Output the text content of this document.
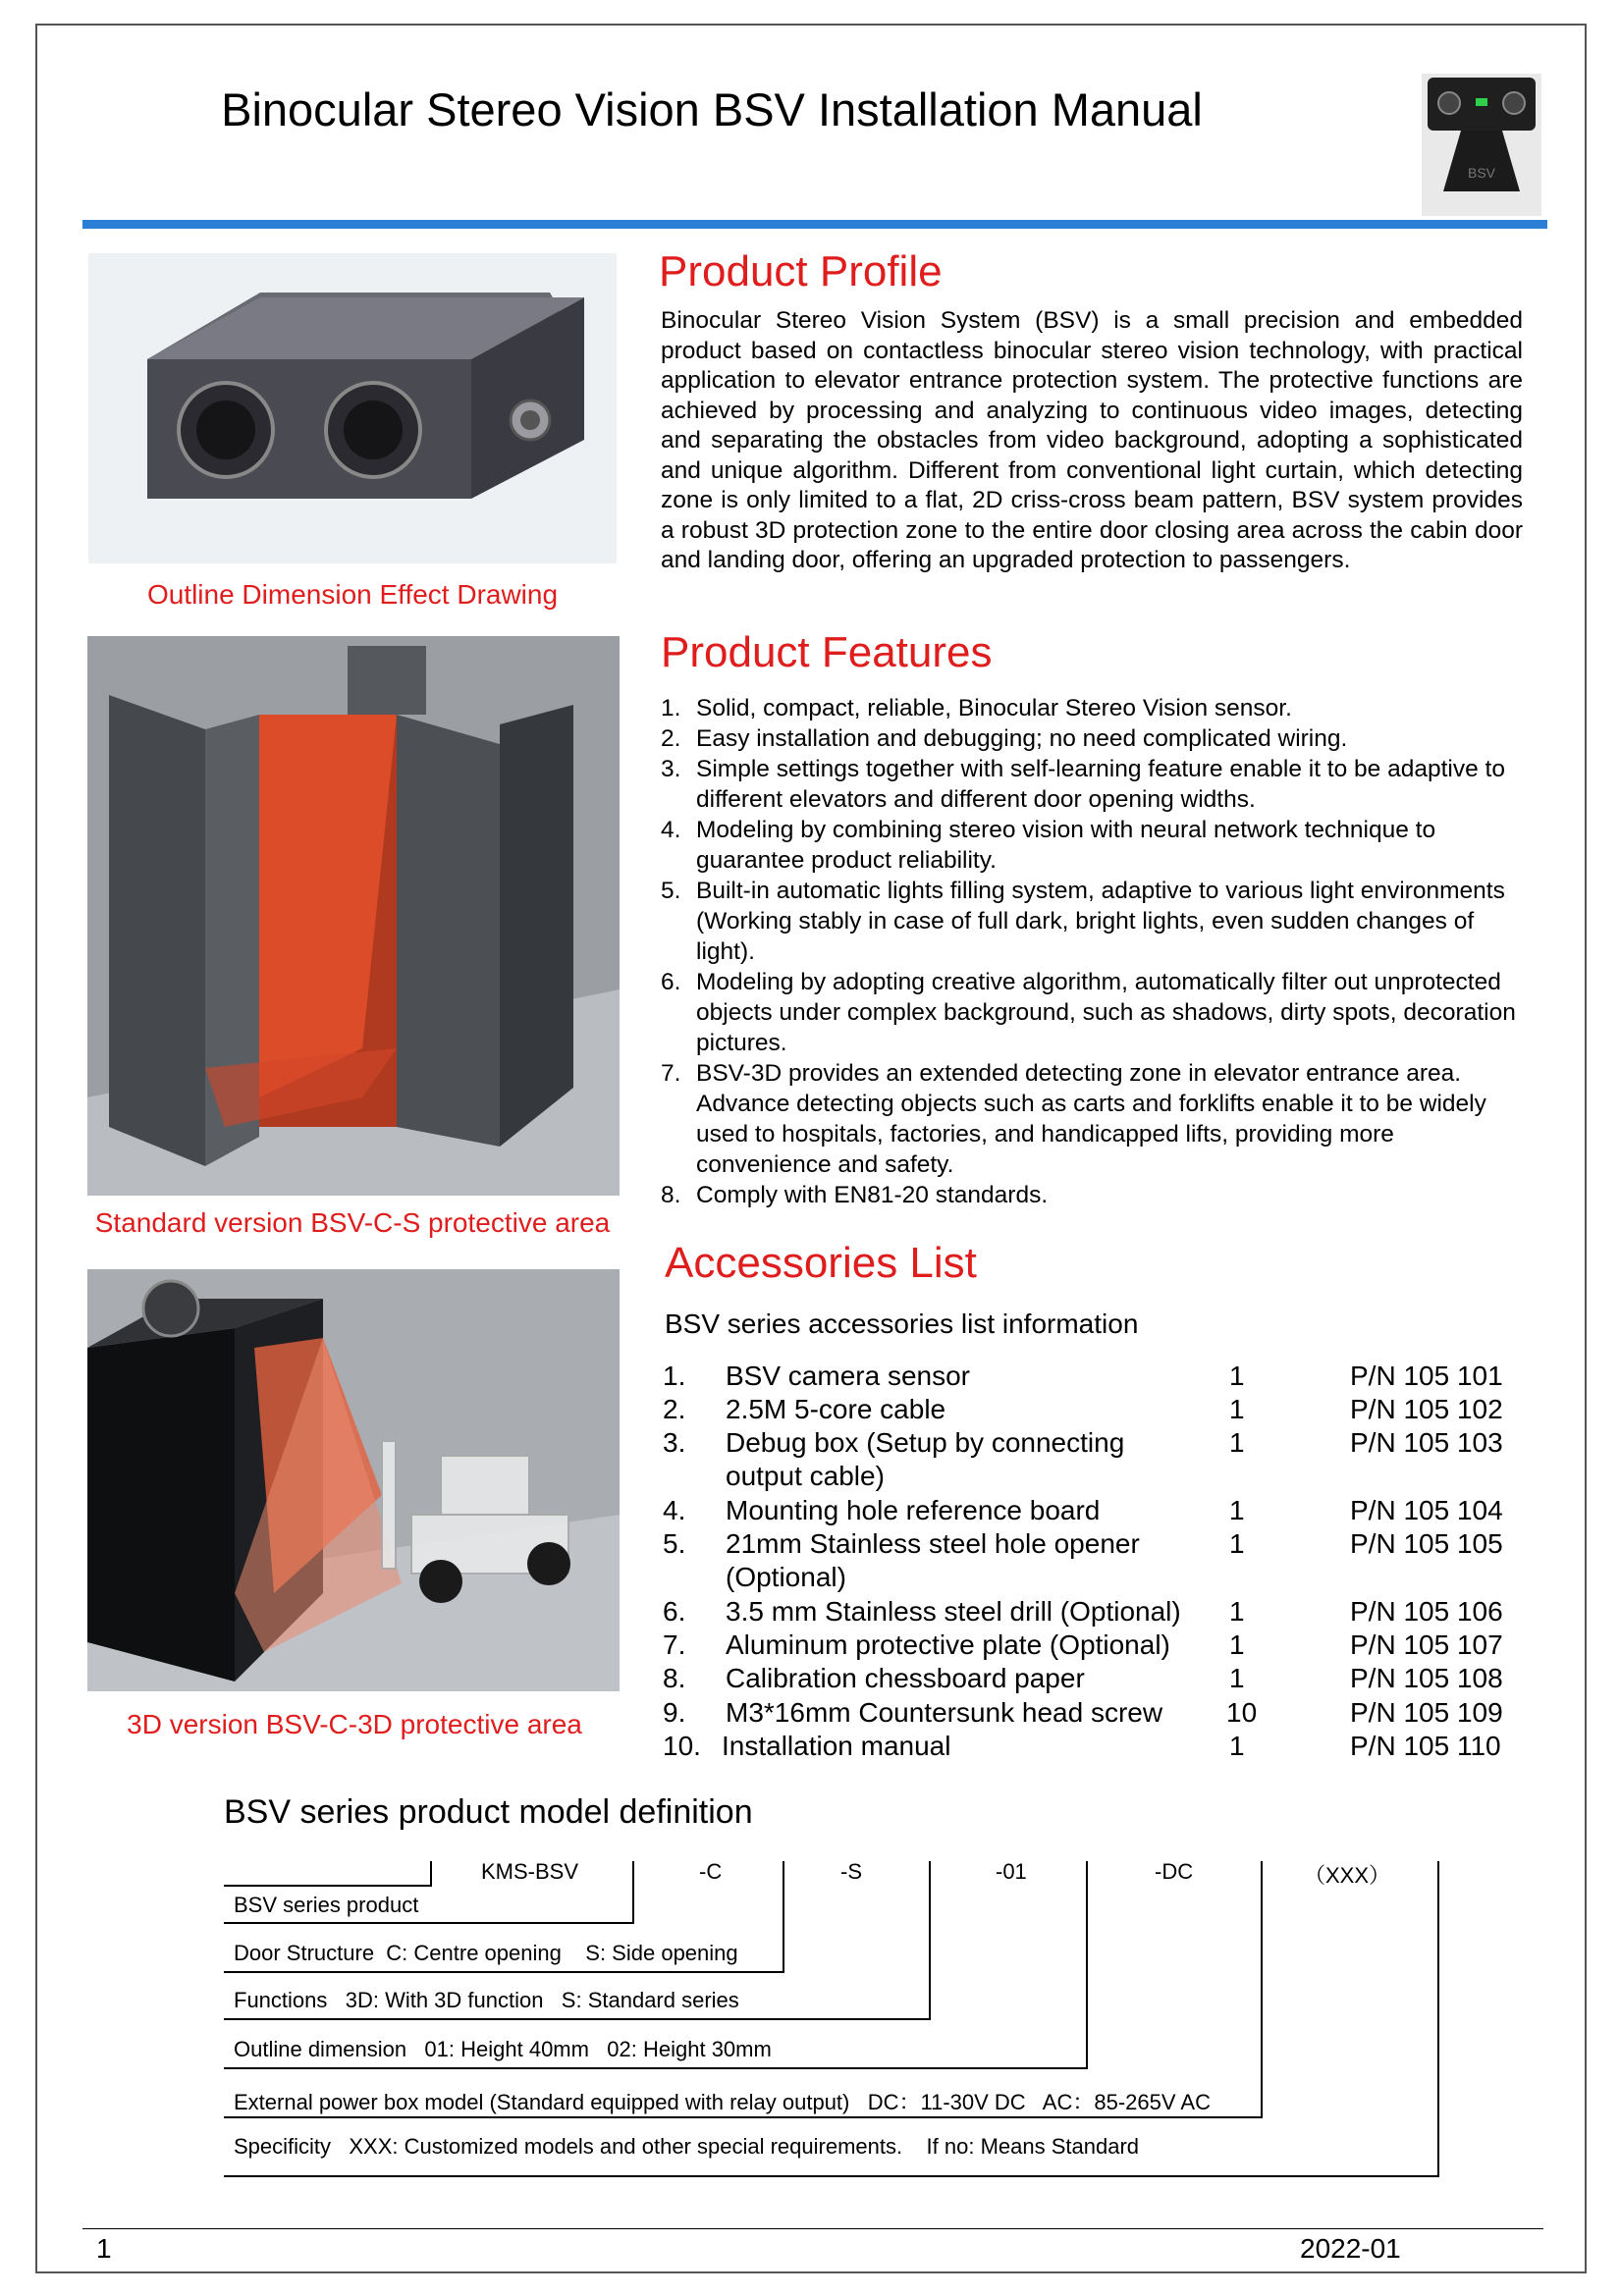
Binocular Stereo Vision BSV Installation Manual
BSV
Outline Dimension Effect Drawing
Standard version BSV-C-S protective area
3D version BSV-C-3D protective area
Product Profile
Binocular Stereo Vision System (BSV) is a small precision and embedded product based on contactless binocular stereo vision technology, with practical application to elevator entrance protection system. The protective functions are achieved by processing and analyzing to continuous video images, detecting and separating the obstacles from video background, adopting a sophisticated and unique algorithm. Different from conventional light curtain, which detecting zone is only limited to a flat, 2D criss-cross beam pattern, BSV system provides a robust 3D protection zone to the entire door closing area across the cabin door and landing door, offering an upgraded protection to passengers.
Product Features
1. Solid, compact, reliable, Binocular Stereo Vision sensor.
2. Easy installation and debugging; no need complicated wiring.
3. Simple settings together with self-learning feature enable it to be adaptive to different elevators and different door opening widths.
4. Modeling by combining stereo vision with neural network technique to guarantee product reliability.
5. Built-in automatic lights filling system, adaptive to various light environments (Working stably in case of full dark, bright lights, even sudden changes of light).
6. Modeling by adopting creative algorithm, automatically filter out unprotected objects under complex background, such as shadows, dirty spots, decoration pictures.
7. BSV-3D provides an extended detecting zone in elevator entrance area. Advance detecting objects such as carts and forklifts enable it to be widely used to hospitals, factories, and handicapped lifts, providing more convenience and safety.
8. Comply with EN81-20 standards.
Accessories List
BSV series accessories list information
1. BSV camera sensor	1	P/N 105 101
2. 2.5M 5-core cable	1	P/N 105 102
3. Debug box (Setup by connecting	1	P/N 105 103
output cable)
4. Mounting hole reference board	1	P/N 105 104
5. 21mm Stainless steel hole opener	1	P/N 105 105
(Optional)
6. 3.5 mm Stainless steel drill (Optional) 1	P/N 105 106
7. Aluminum protective plate (Optional) 1	P/N 105 107
8. Calibration chessboard paper	1	P/N 105 108
9. M3*16mm Countersunk head screw 10	P/N 105 109
10. Installation manual	1	P/N 105 110
BSV series product model definition
KMS-BSV	-C	-S	-01	-DC	（XXX）
BSV series product
Door Structure  C: Centre opening    S: Side opening
Functions   3D: With 3D function   S: Standard series
Outline dimension   01: Height 40mm   02: Height 30mm
External power box model (Standard equipped with relay output)   DC：11-30V DC   AC：85-265V AC
Specificity   XXX: Customized models and other special requirements.    If no: Means Standard
1	2022-01
